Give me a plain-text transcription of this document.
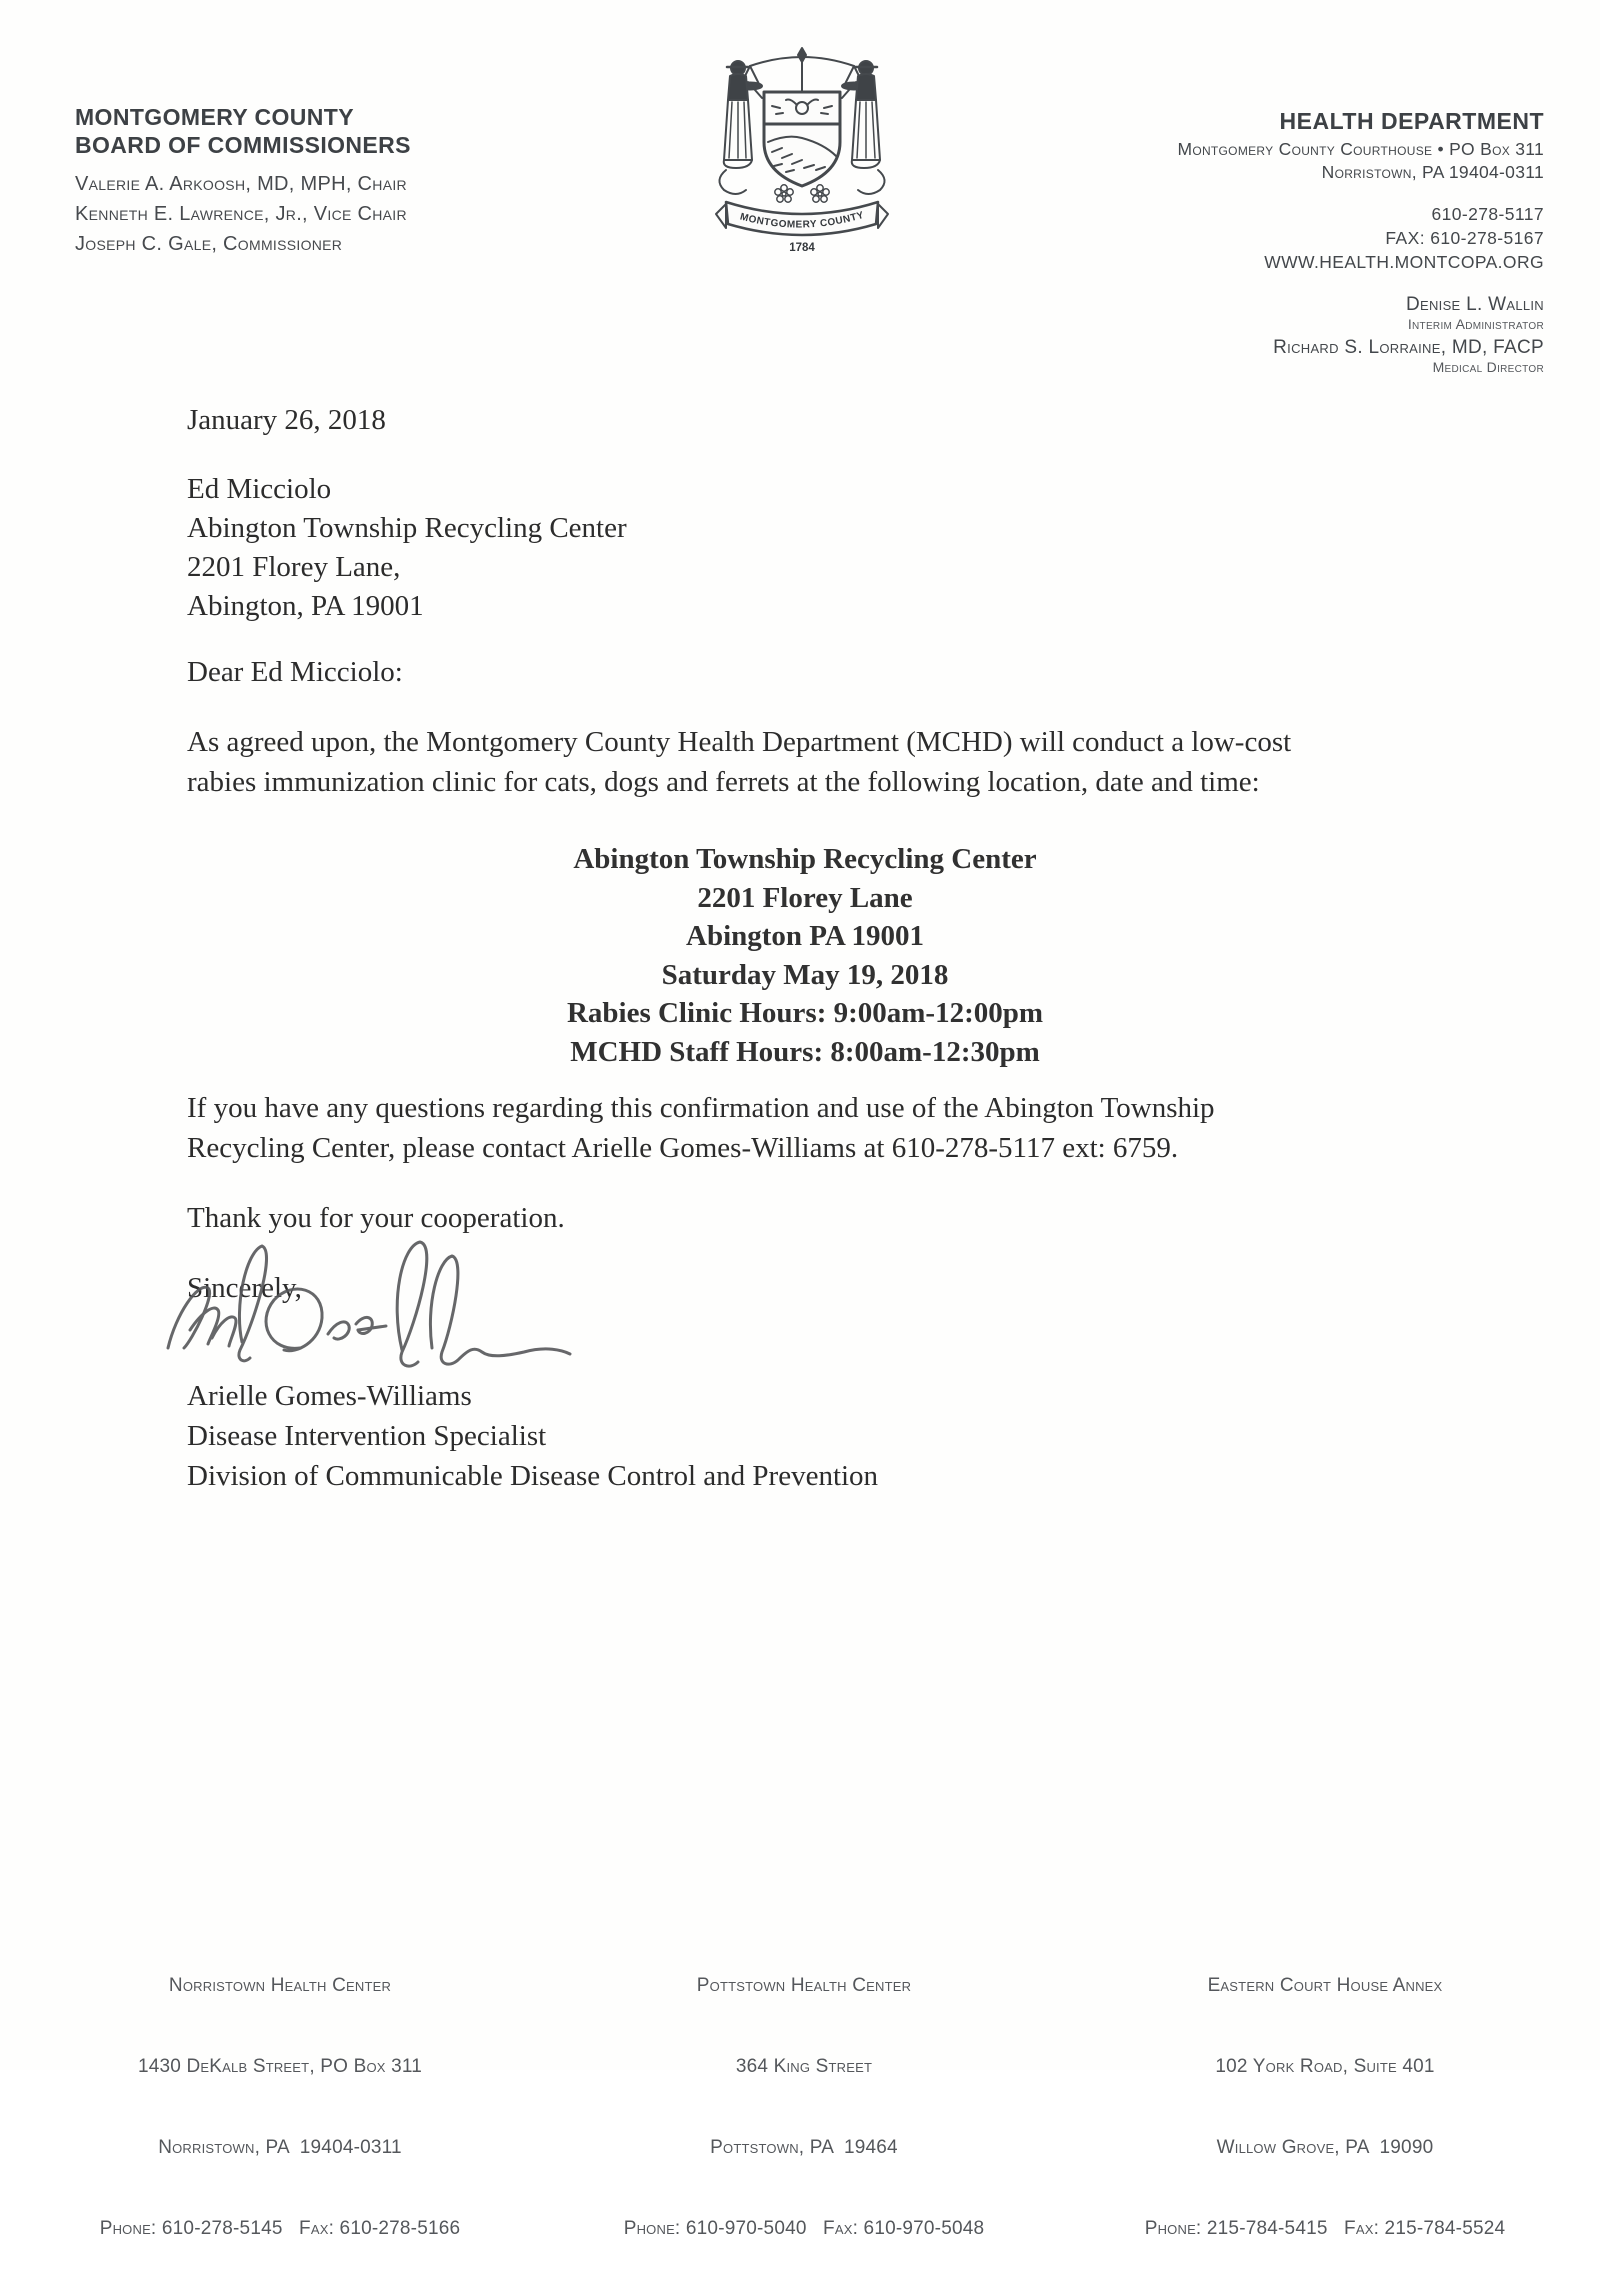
MONTGOMERY COUNTY
BOARD OF COMMISSIONERS
Valerie A. Arkoosh, MD, MPH, Chair
Kenneth E. Lawrence, Jr., Vice Chair
Joseph C. Gale, Commissioner
MONTGOMERY COUNTY
1784
HEALTH DEPARTMENT
Montgomery County Courthouse • PO Box 311
Norristown, PA 19404-0311
610-278-5117
FAX: 610-278-5167
WWW.HEALTH.MONTCOPA.ORG
Denise L. Wallin
Interim Administrator
Richard S. Lorraine, MD, FACP
Medical Director
January 26, 2018
Ed Micciolo
Abington Township Recycling Center
2201 Florey Lane,
Abington, PA 19001
Dear Ed Micciolo:
As agreed upon, the Montgomery County Health Department (MCHD) will conduct a low-cost
rabies immunization clinic for cats, dogs and ferrets at the following location, date and time:
Abington Township Recycling Center
2201 Florey Lane
Abington PA 19001
Saturday May 19, 2018
Rabies Clinic Hours: 9:00am-12:00pm
MCHD Staff Hours: 8:00am-12:30pm
If you have any questions regarding this confirmation and use of the Abington Township
Recycling Center, please contact Arielle Gomes-Williams at 610-278-5117 ext: 6759.
Thank you for your cooperation.
Sincerely,
Arielle Gomes-Williams
Disease Intervention Specialist
Division of Communicable Disease Control and Prevention

Norristown Health Center

1430 DeKalb Street, PO Box 311

Norristown, PA  19404-0311

Phone: 610-278-5145   Fax: 610-278-5166

Pottstown Health Center

364 King Street

Pottstown, PA  19464

Phone: 610-970-5040   Fax: 610-970-5048

Eastern Court House Annex

102 York Road, Suite 401

Willow Grove, PA  19090

Phone: 215-784-5415   Fax: 215-784-5524
